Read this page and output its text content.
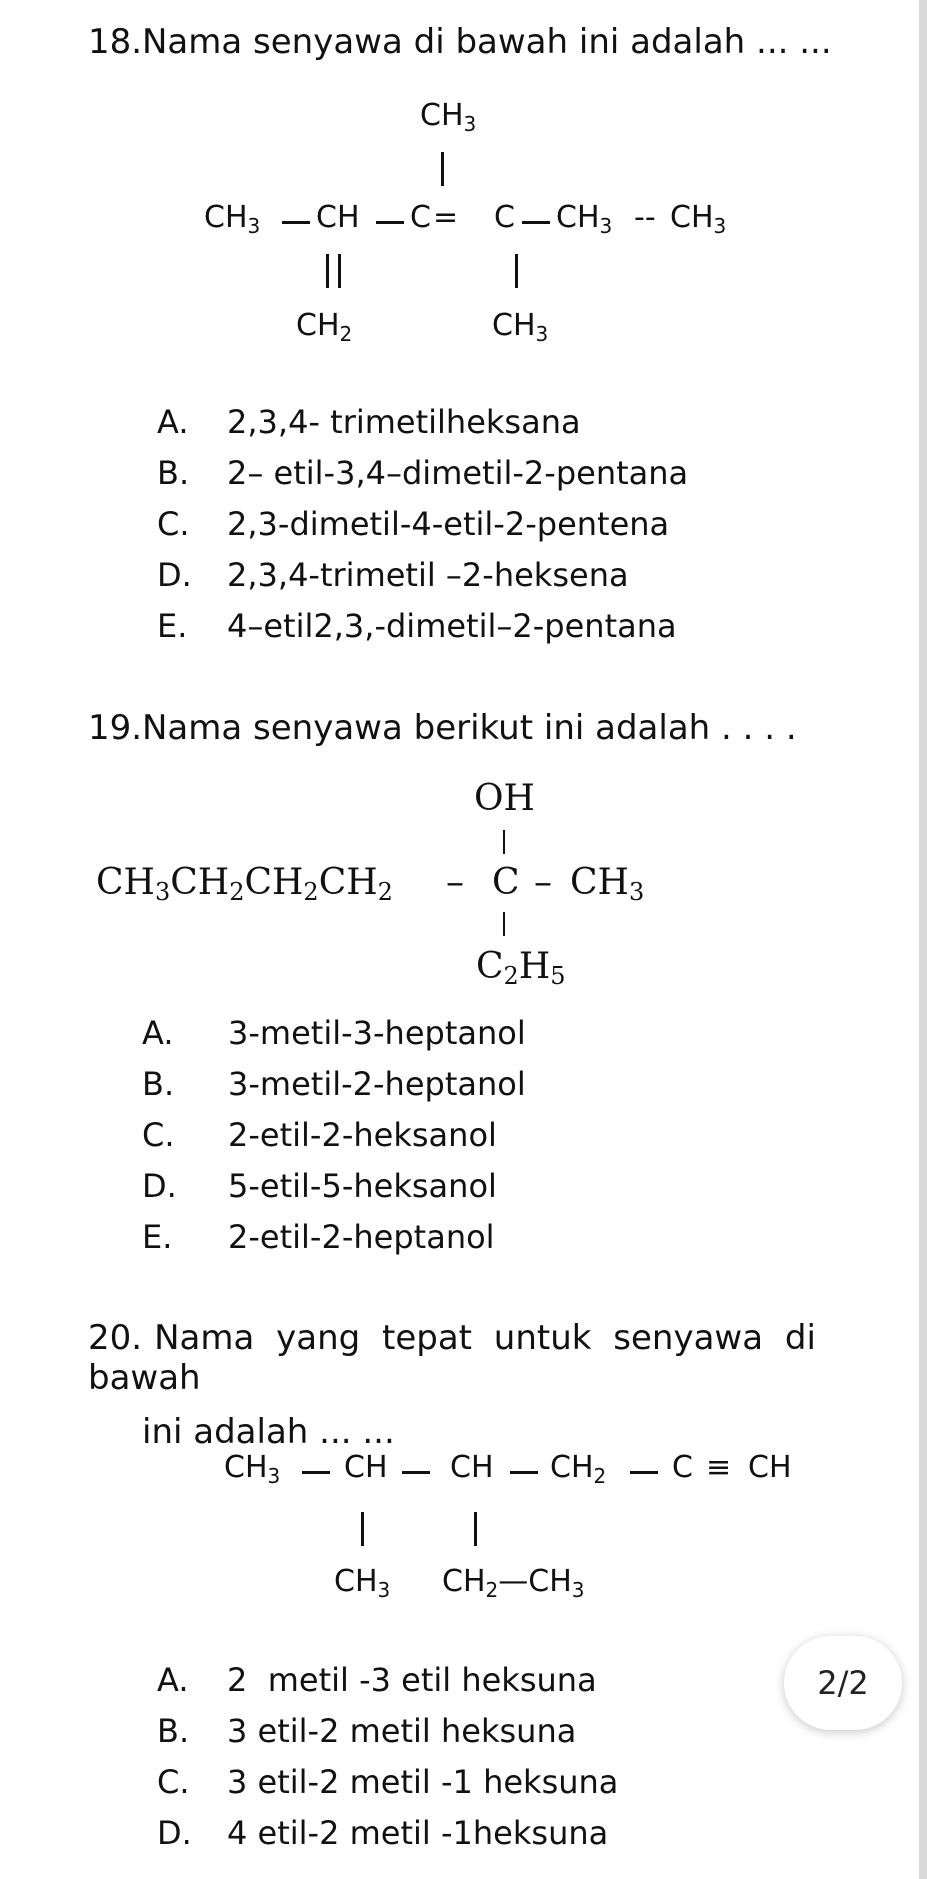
18.Nama senyawa di bawah ini adalah ... ...
$CH_3$
$CH_3$ CH C = C $CH_3 -- CH_3$
$CH_2$	$CH_3$
A. 2,3,4- trimetilheksana
B. 2– etil-3,4–dimetil-2-pentana
C. 2,3-dimetil-4-etil-2-pentena
D. 2,3,4-trimetil –2-heksena
E. 4–etil2,3,-dimetil–2-pentana
19.Nama senyawa berikut ini adalah . . . .
OH
$CH_3CH_2CH_2CH_2$ – C – $CH_3$
$C_2H_5$
A. 3-metil-3-heptanol
B. 3-metil-2-heptanol
C. 2-etil-2-heksanol
D. 5-etil-5-heksanol
E. 2-etil-2-heptanol
20. Nama yang tepat untuk senyawa di bawah
ini adalah ... ...
$CH_3$ CH CH $CH_2$ C ≡ CH
$CH_3$ $CH_2—CH_3$
A. 2  metil -3 etil heksuna
B. 3 etil-2 metil heksuna
C. 3 etil-2 metil -1 heksuna
D. 4 etil-2 metil -1heksuna
2/2
